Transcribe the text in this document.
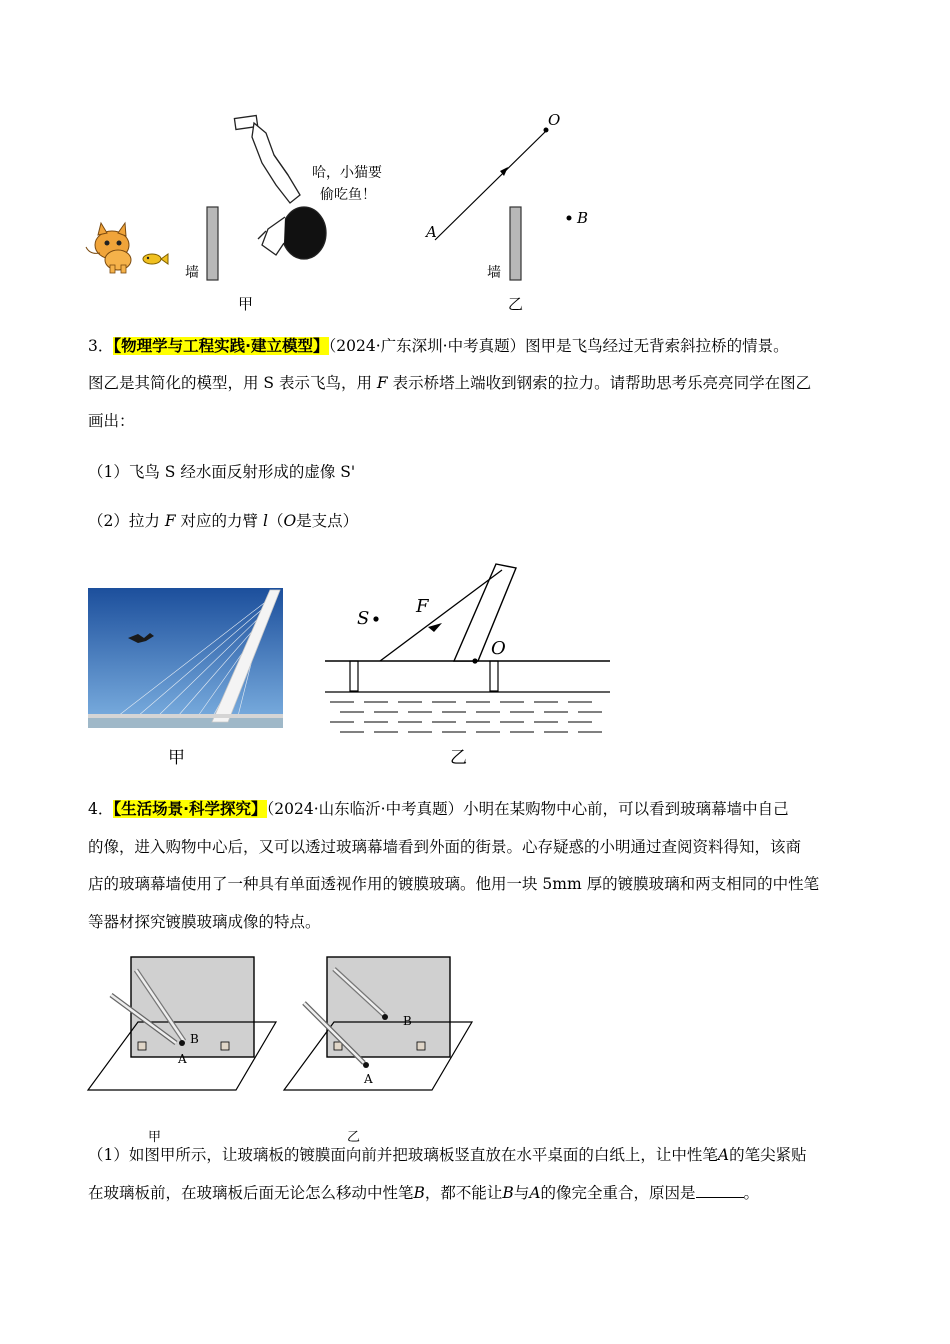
哈，小猫要
偷吃鱼！
墙
甲
O
A
B
墙
乙
3．【物理学与工程实践·建立模型】（2024·广东深圳·中考真题）图甲是飞鸟经过无背索斜拉桥的情景。
图乙是其简化的模型，用 S 表示飞鸟，用 F 表示桥塔上端收到钢索的拉力。请帮助思考乐亮亮同学在图乙
画出：
（1）飞鸟 S 经水面反射形成的虚像 S'
（2）拉力 F 对应的力臂 l（O是支点）
甲
S
F
O
乙
4．【生活场景·科学探究】（2024·山东临沂·中考真题）小明在某购物中心前，可以看到玻璃幕墙中自己
的像，进入购物中心后，又可以透过玻璃幕墙看到外面的街景。心存疑惑的小明通过查阅资料得知，该商
店的玻璃幕墙使用了一种具有单面透视作用的镀膜玻璃。他用一块 5mm 厚的镀膜玻璃和两支相同的中性笔
等器材探究镀膜玻璃成像的特点。
B
A
B
A
甲	乙
（1）如图甲所示，让玻璃板的镀膜面向前并把玻璃板竖直放在水平桌面的白纸上，让中性笔A的笔尖紧贴
在玻璃板前，在玻璃板后面无论怎么移动中性笔B，都不能让B与A的像完全重合，原因是	。
